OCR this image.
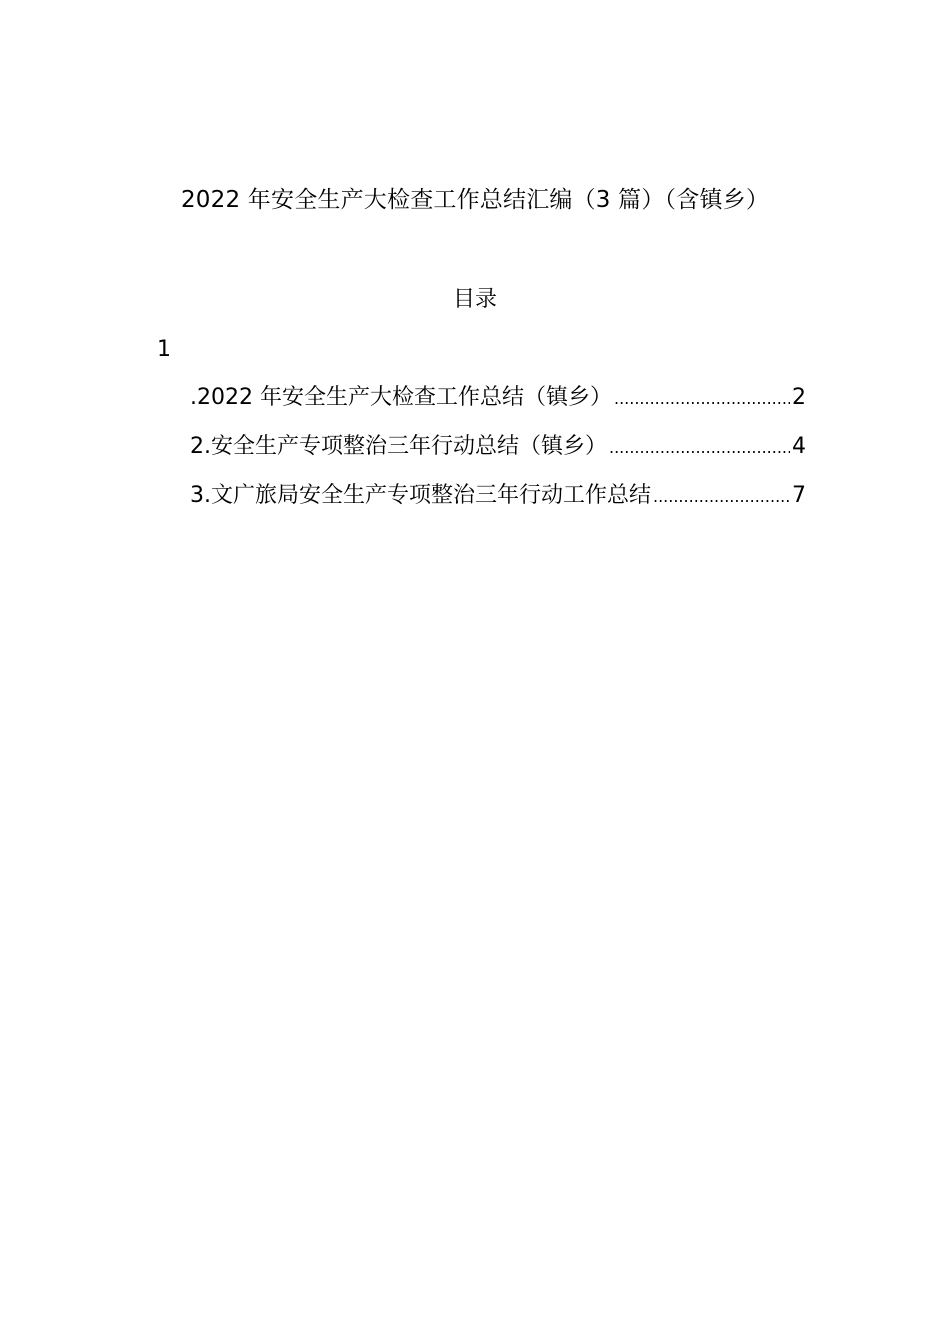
2022 年安全生产大检查工作总结汇编（3 篇）（含镇乡）
目录
1
.2022 年安全生产大检查工作总结（镇乡） .....	2
2.安全生产专项整治三年行动总结（镇乡） .....	4
3.文广旅局安全生产专项整治三年行动工作总结 .....	7
